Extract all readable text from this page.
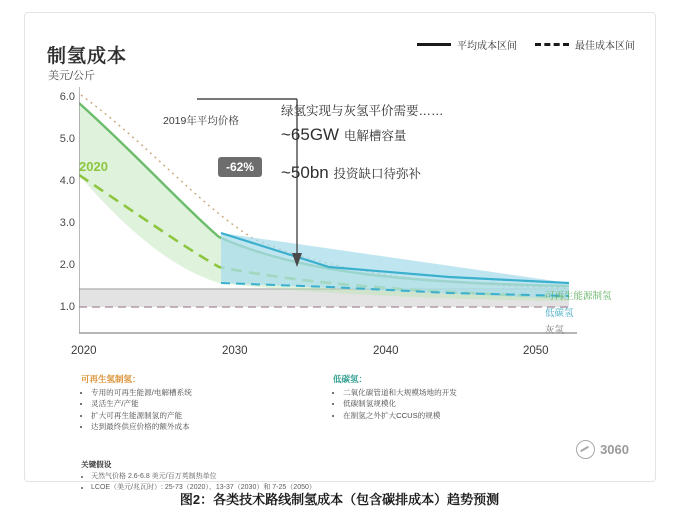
制氢成本
美元/公斤
平均成本区间	最佳成本区间
6.0
5.0
4.0
3.0
2.0
1.0
2020	2030	2040	2050
2019年平均价格
2020	-62%
绿氢实现与灰氢平价需要……
~65GW 电解槽容量
~50bn 投资缺口待弥补
可再生能源制氢
低碳氢
灰氢
可再生氢制氢：
• 专用的可再生能源/电解槽系统
• 灵活生产/产能
• 扩大可再生能源制氢的产能
• 达到最终供应价格的额外成本
低碳氢：
• 二氧化碳管道和大规模场地的开发
• 低碳制氢规模化
• 在制氢之外扩大CCUS的规模
关键假设
• 天然气价格 2.6-6.8 美元/百万英制热单位
• LCOE（美元/兆瓦时）: 25-73（2020）、13-37（2030）和 7-25（2050）
3060
图2：各类技术路线制氢成本（包含碳排成本）趋势预测
